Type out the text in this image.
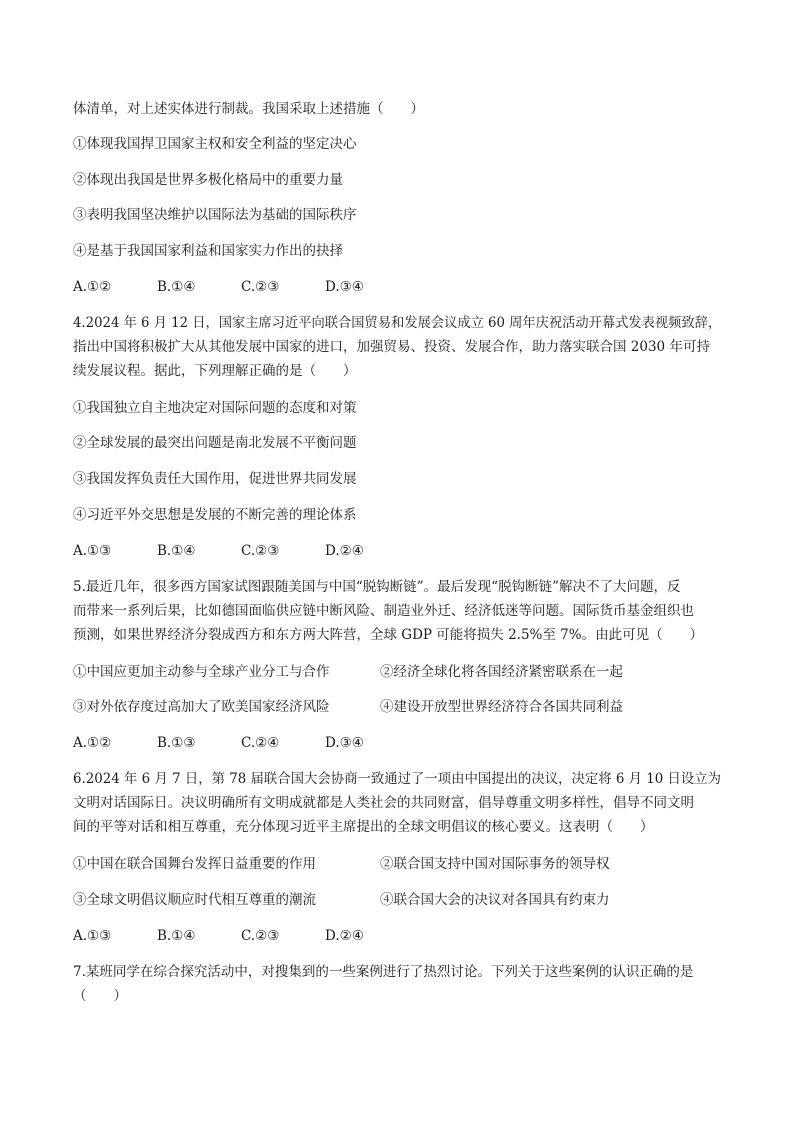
体清单，对上述实体进行制裁。我国采取上述措施（　　）
①体现我国捍卫国家主权和安全利益的坚定决心
②体现出我国是世界多极化格局中的重要力量
③表明我国坚决维护以国际法为基础的国际秩序
④是基于我国国家利益和国家实力作出的抉择
A.①②	B.①④	C.②③	D.③④
4.2024 年 6 月 12 日，国家主席习近平向联合国贸易和发展会议成立 60 周年庆祝活动开幕式发表视频致辞，
指出中国将积极扩大从其他发展中国家的进口，加强贸易、投资、发展合作，助力落实联合国 2030 年可持
续发展议程。据此，下列理解正确的是（　　）
①我国独立自主地决定对国际问题的态度和对策
②全球发展的最突出问题是南北发展不平衡问题
③我国发挥负责任大国作用，促进世界共同发展
④习近平外交思想是发展的不断完善的理论体系
A.①③	B.①④	C.②③	D.②④
5.最近几年，很多西方国家试图跟随美国与中国“脱钩断链”。最后发现“脱钩断链”解决不了大问题，反
而带来一系列后果，比如德国面临供应链中断风险、制造业外迁、经济低迷等问题。国际货币基金组织也
预测，如果世界经济分裂成西方和东方两大阵营，全球 GDP 可能将损失 2.5%至 7%。由此可见（　　）
①中国应更加主动参与全球产业分工与合作	②经济全球化将各国经济紧密联系在一起
③对外依存度过高加大了欧美国家经济风险	④建设开放型世界经济符合各国共同利益
A.①②	B.①③	C.②④	D.③④
6.2024 年 6 月 7 日，第 78 届联合国大会协商一致通过了一项由中国提出的决议，决定将 6 月 10 日设立为
文明对话国际日。决议明确所有文明成就都是人类社会的共同财富，倡导尊重文明多样性，倡导不同文明
间的平等对话和相互尊重，充分体现习近平主席提出的全球文明倡议的核心要义。这表明（　　）
①中国在联合国舞台发挥日益重要的作用	②联合国支持中国对国际事务的领导权
③全球文明倡议顺应时代相互尊重的潮流	④联合国大会的决议对各国具有约束力
A.①③	B.①④	C.②③	D.②④
7.某班同学在综合探究活动中，对搜集到的一些案例进行了热烈讨论。下列关于这些案例的认识正确的是
（　　）
